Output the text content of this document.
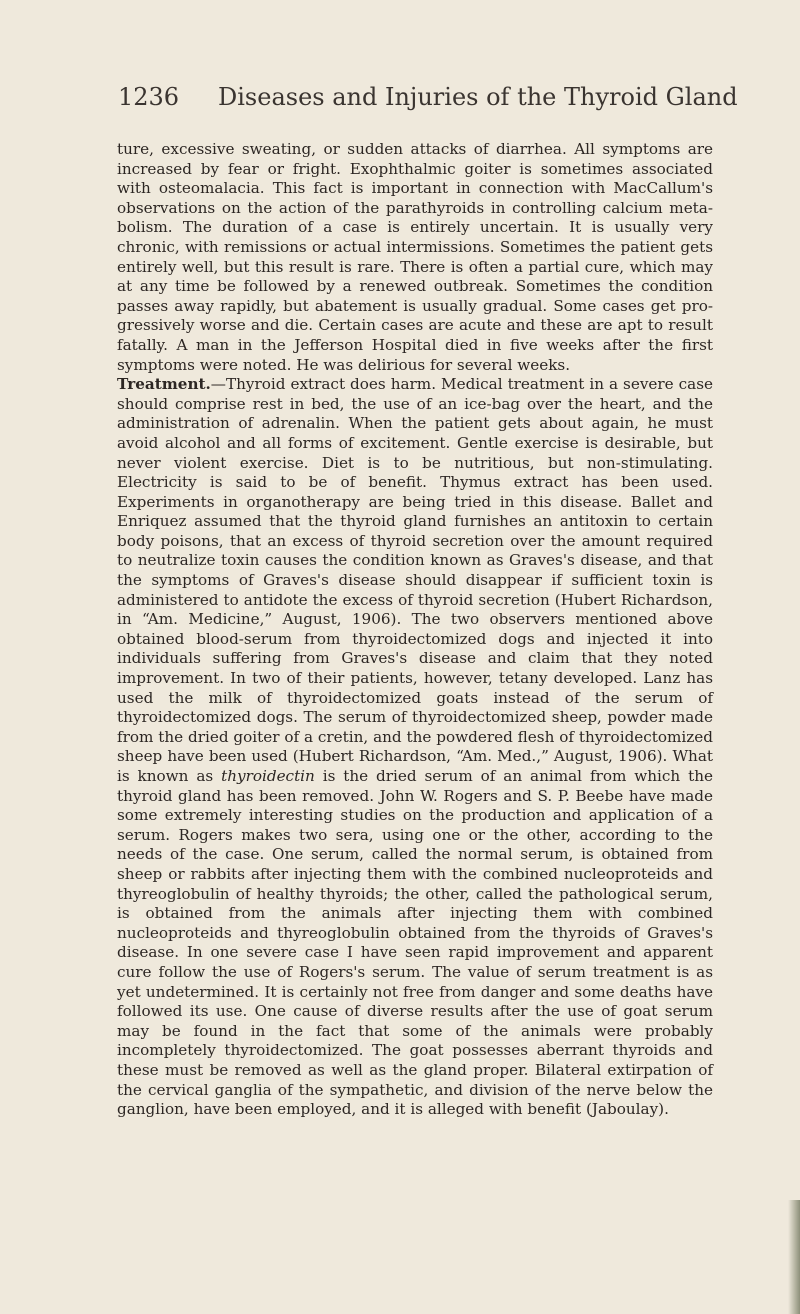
1236 Diseases and Injuries of the Thyroid Gland

ture, excessive sweating, or sudden attacks of diarrhea. All symptoms are increased by fear or fright. Exophthalmic goiter is sometimes associated with osteomalacia. This fact is important in connection with MacCallum's observations on the action of the parathyroids in controlling calcium metabolism. The duration of a case is entirely uncertain. It is usually very chronic, with remissions or actual intermissions. Sometimes the patient gets entirely well, but this result is rare. There is often a partial cure, which may at any time be followed by a renewed outbreak. Sometimes the condition passes away rapidly, but abatement is usually gradual. Some cases get progressively worse and die. Certain cases are acute and these are apt to result fatally. A man in the Jefferson Hospital died in five weeks after the first symptoms were noted. He was delirious for several weeks.

Treatment.—Thyroid extract does harm. Medical treatment in a severe case should comprise rest in bed, the use of an ice-bag over the heart, and the administration of adrenalin. When the patient gets about again, he must avoid alcohol and all forms of excitement. Gentle exercise is desirable, but never violent exercise. Diet is to be nutritious, but non-stimulating. Electricity is said to be of benefit. Thymus extract has been used. Experiments in organotherapy are being tried in this disease. Ballet and Enriquez assumed that the thyroid gland furnishes an antitoxin to certain body poisons, that an excess of thyroid secretion over the amount required to neutralize toxin causes the condition known as Graves's disease, and that the symptoms of Graves's disease should disappear if sufficient toxin is administered to antidote the excess of thyroid secretion (Hubert Richardson, in “Am. Medicine,” August, 1906). The two observers mentioned above obtained blood-serum from thyroidectomized dogs and injected it into individuals suffering from Graves's disease and claim that they noted improvement. In two of their patients, however, tetany developed. Lanz has used the milk of thyroidectomized goats instead of the serum of thyroidectomized dogs. The serum of thyroidectomized sheep, powder made from the dried goiter of a cretin, and the powdered flesh of thyroidectomized sheep have been used (Hubert Richardson, “Am. Med.,” August, 1906). What is known as thyroidectin is the dried serum of an animal from which the thyroid gland has been removed. John W. Rogers and S. P. Beebe have made some extremely interesting studies on the production and application of a serum. Rogers makes two sera, using one or the other, according to the needs of the case. One serum, called the normal serum, is obtained from sheep or rabbits after injecting them with the combined nucleoproteids and thyreoglobulin of healthy thyroids; the other, called the pathological serum, is obtained from the animals after injecting them with combined nucleoproteids and thyreoglobulin obtained from the thyroids of Graves's disease. In one severe case I have seen rapid improvement and apparent cure follow the use of Rogers's serum. The value of serum treatment is as yet undetermined. It is certainly not free from danger and some deaths have followed its use. One cause of diverse results after the use of goat serum may be found in the fact that some of the animals were probably incompletely thyroidectomized. The goat possesses aberrant thyroids and these must be removed as well as the gland proper. Bilateral extirpation of the cervical ganglia of the sympathetic, and division of the nerve below the ganglion, have been employed, and it is alleged with benefit (Jaboulay).
